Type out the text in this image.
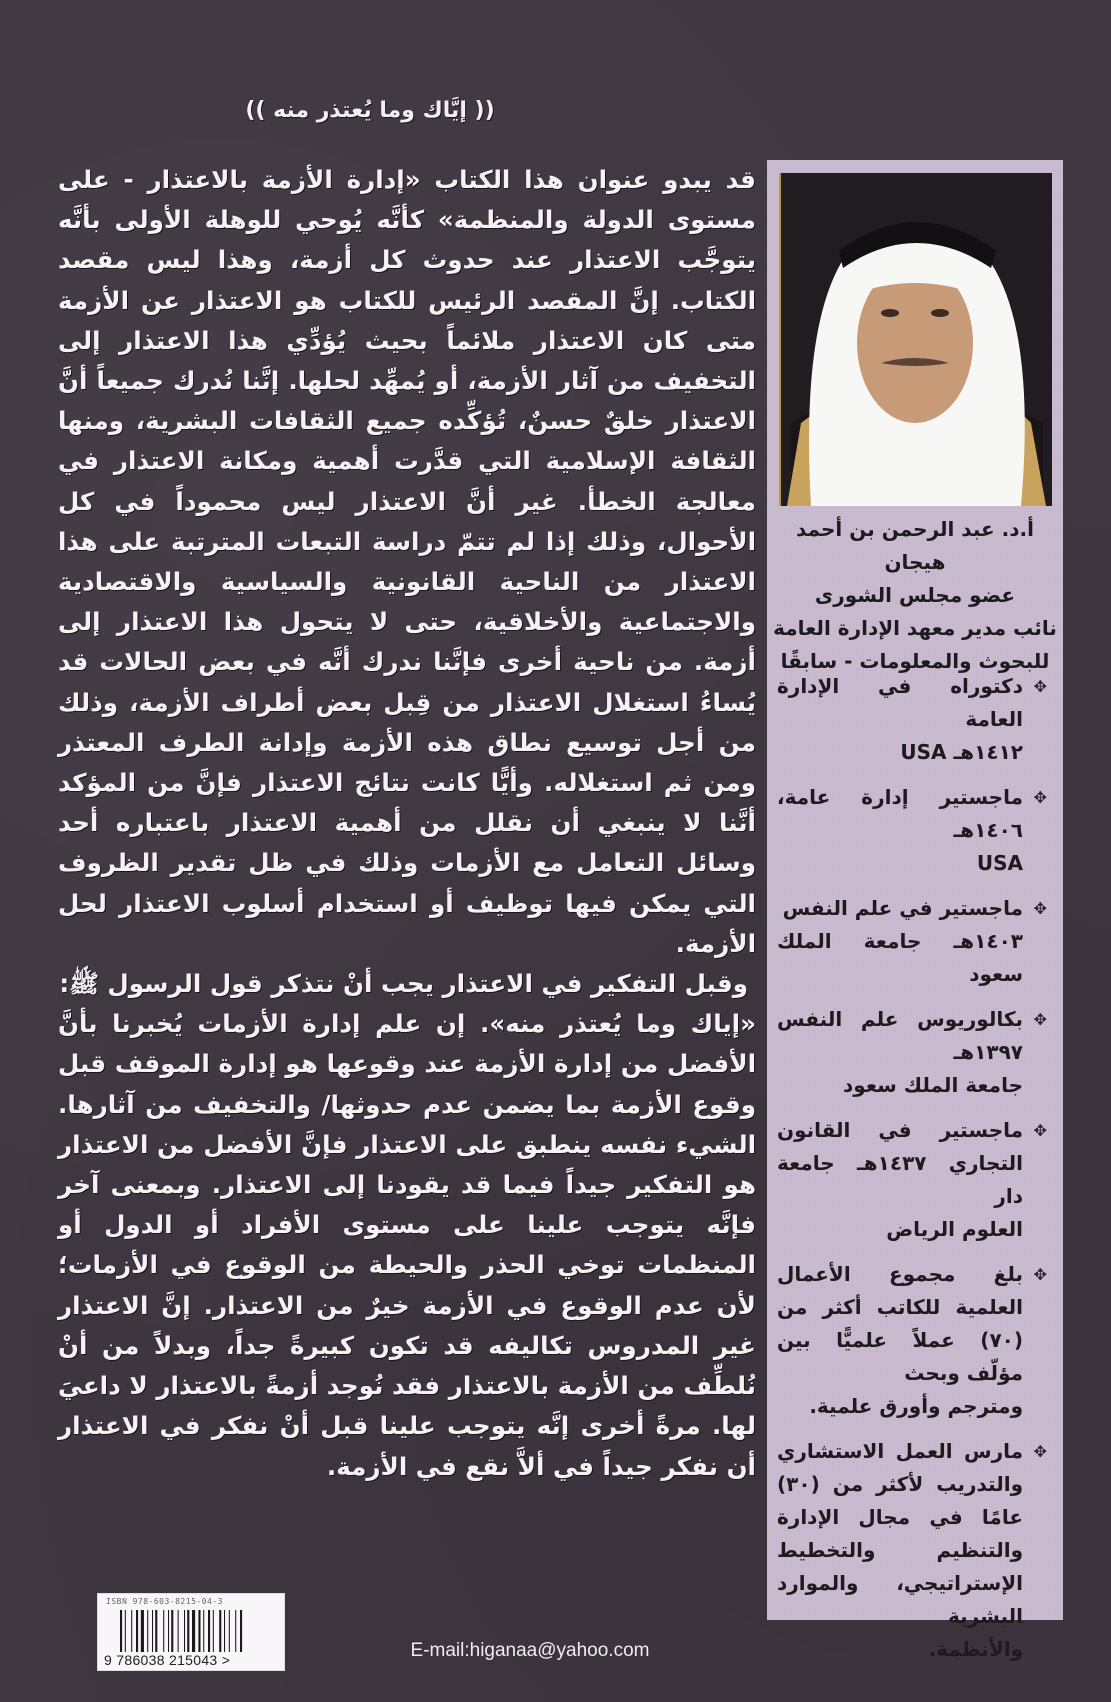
(( إيَّاك وما يُعتذر منه ))

قد يبدو عنوان هذا الكتاب «إدارة الأزمة بالاعتذار - على مستوى الدولة والمنظمة» كأنَّه يُوحي للوهلة الأولى بأنَّه يتوجَّب الاعتذار عند حدوث كل أزمة، وهذا ليس مقصد الكتاب. إنَّ المقصد الرئيس للكتاب هو الاعتذار عن الأزمة متى كان الاعتذار ملائماً بحيث يُؤدِّي هذا الاعتذار إلى التخفيف من آثار الأزمة، أو يُمهِّد لحلها. إنَّنا نُدرك جميعاً أنَّ الاعتذار خلقٌ حسنٌ، تُؤكِّده جميع الثقافات البشرية، ومنها الثقافة الإسلامية التي قدَّرت أهمية ومكانة الاعتذار في معالجة الخطأ. غير أنَّ الاعتذار ليس محموداً في كل الأحوال، وذلك إذا لم تتمّ دراسة التبعات المترتبة على هذا الاعتذار من الناحية القانونية والسياسية والاقتصادية والاجتماعية والأخلاقية، حتى لا يتحول هذا الاعتذار إلى أزمة. من ناحية أخرى فإنَّنا ندرك أنَّه في بعض الحالات قد يُساءُ استغلال الاعتذار من قِبل بعض أطراف الأزمة، وذلك من أجل توسيع نطاق هذه الأزمة وإدانة الطرف المعتذر ومن ثم استغلاله. وأيًّا كانت نتائج الاعتذار فإنَّ من المؤكد أنَّنا لا ينبغي أن نقلل من أهمية الاعتذار باعتباره أحد وسائل التعامل مع الأزمات وذلك في ظل تقدير الظروف التي يمكن فيها توظيف أو استخدام أسلوب الاعتذار لحل الأزمة.

وقبل التفكير في الاعتذار يجب أنْ نتذكر قول الرسول ﷺ:
«إياك وما يُعتذر منه». إن علم إدارة الأزمات يُخبرنا بأنَّ الأفضل من إدارة الأزمة عند وقوعها هو إدارة الموقف قبل وقوع الأزمة بما يضمن عدم حدوثها/ والتخفيف من آثارها. الشيء نفسه ينطبق على الاعتذار فإنَّ الأفضل من الاعتذار هو التفكير جيداً فيما قد يقودنا إلى الاعتذار. وبمعنى آخر فإنَّه يتوجب علينا على مستوى الأفراد أو الدول أو المنظمات توخي الحذر والحيطة من الوقوع في الأزمات؛ لأن عدم الوقوع في الأزمة خيرٌ من الاعتذار. إنَّ الاعتذار غير المدروس تكاليفه قد تكون كبيرةً جداً، وبدلاً من أنْ نُلطِّف من الأزمة بالاعتذار فقد نُوجد أزمةً بالاعتذار لا داعيَ لها. مرةً أخرى إنَّه يتوجب علينا قبل أنْ نفكر في الاعتذار أن نفكر جيداً في ألاَّ نقع في الأزمة.

أ.د. عبد الرحمن بن أحمد هيجان
عضو مجلس الشورى
نائب مدير معهد الإدارة العامة
للبحوث والمعلومات - سابقًا
✥
دكتوراه في الإدارة العامة
١٤١٢هـ USA
✥
ماجستير إدارة عامة، ١٤٠٦هـ
USA
✥
ماجستير في علم النفس
١٤٠٣هـ جامعة الملك سعود
✥
بكالوريوس علم النفس ١٣٩٧هـ
جامعة الملك سعود
✥
ماجستير في القانون التجاري ١٤٣٧هـ جامعة دار
العلوم الرياض
✥
بلغ مجموع الأعمال العلمية للكاتب أكثر من (٧٠) عملاً علميًّا بين مؤلّف وبحث
ومترجم وأورق علمية.
✥
مارس العمل الاستشاري والتدريب لأكثر من (٣٠) عامًا في مجال الإدارة والتنظيم والتخطيط الإستراتيجي، والموارد البشرية
والأنظمة.
ISBN 978-603-8215-04-3
9 786038 215043 >	E-mail:higanaa@yahoo.com
